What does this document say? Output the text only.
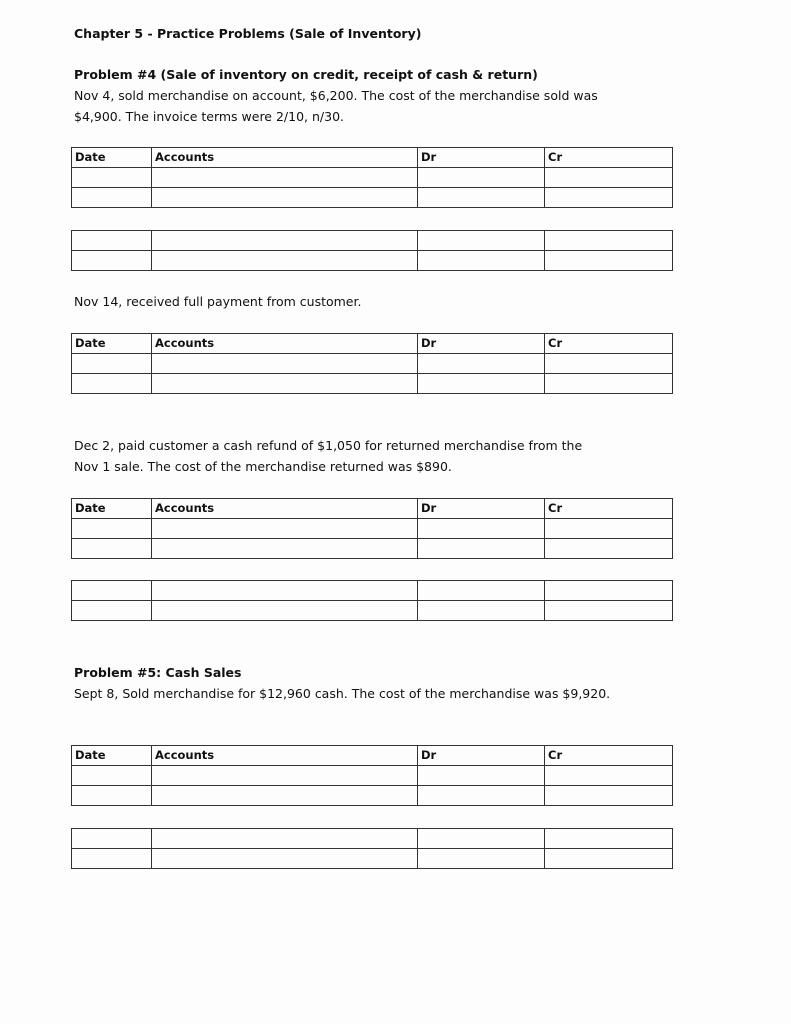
Chapter 5 - Practice Problems (Sale of Inventory)
Problem #4 (Sale of inventory on credit, receipt of cash & return)
Nov 4, sold merchandise on account, $6,200. The cost of the merchandise sold was
$4,900. The invoice terms were 2/10, n/30.
Date	Accounts	Dr	Cr

Nov 14, received full payment from customer.
Date	Accounts	Dr	Cr

Dec 2, paid customer a cash refund of $1,050 for returned merchandise from the
Nov 1 sale. The cost of the merchandise returned was $890.
Date	Accounts	Dr	Cr

Problem #5: Cash Sales
Sept 8, Sold merchandise for $12,960 cash. The cost of the merchandise was $9,920.
Date	Accounts	Dr	Cr
